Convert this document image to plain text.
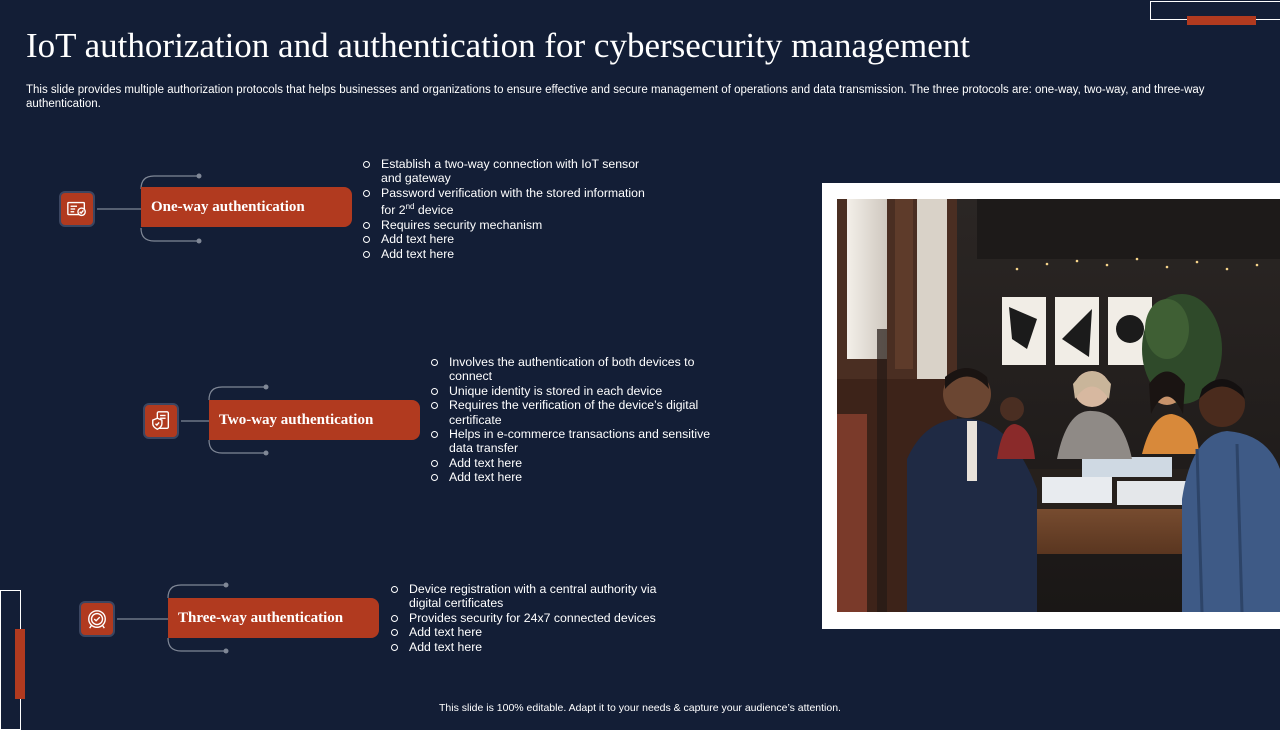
IoT authorization and authentication for cybersecurity management

This slide provides multiple authorization protocols that helps businesses and organizations to ensure effective and secure management of operations and data transmission. The three protocols are: one-way, two-way, and three-way authentication.

One-way authentication
Establish a two-way connection with IoT sensor and gateway
Password verification with the stored information for 2nd device
Requires security mechanism
Add text here
Add text here
Two-way authentication
Involves the authentication of both devices to connect
Unique identity is stored in each device
Requires the verification of the device’s digital certificate
Helps in e-commerce transactions and sensitive data transfer
Add text here
Add text here
Three-way authentication
Device registration with a central authority via digital certificates
Provides security for 24x7 connected devices
Add text here
Add text here
This slide is 100% editable. Adapt it to your needs & capture your audience’s attention.
